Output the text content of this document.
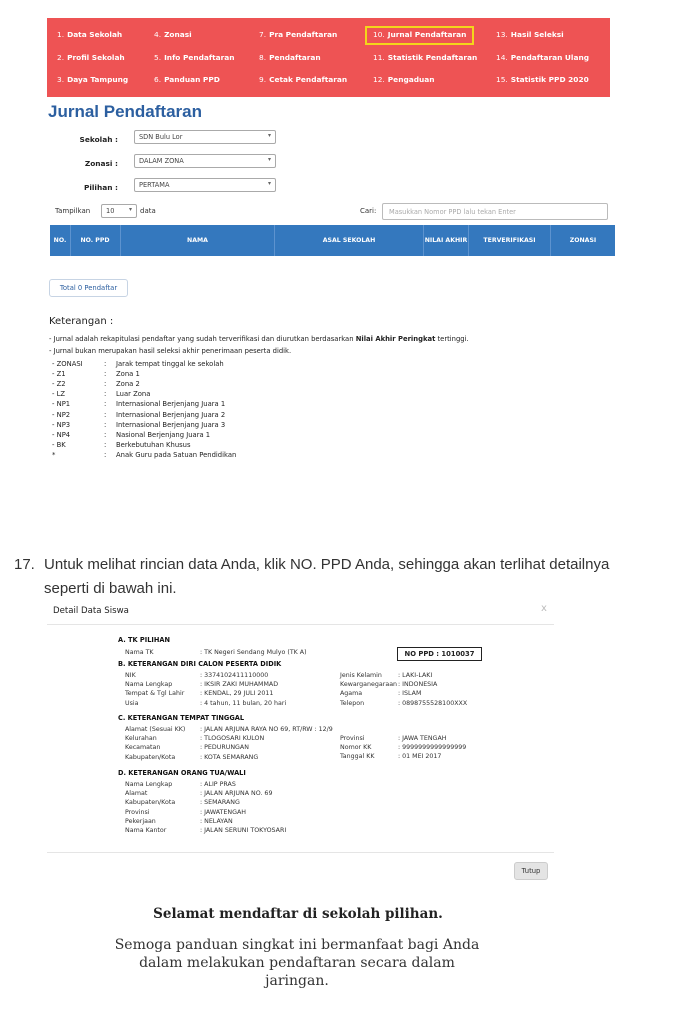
1. Data Sekolah	4. Zonasi	7. Pra Pendaftaran	10. Jurnal Pendaftaran	13. Hasil Seleksi
2. Profil Sekolah	5. Info Pendaftaran	8. Pendaftaran	11. Statistik Pendaftaran	14. Pendaftaran Ulang
3. Daya Tampung	6. Panduan PPD	9. Cetak Pendaftaran	12. Pengaduan	15. Statistik PPD 2020
Jurnal Pendaftaran
Sekolah :	SDN Bulu Lor	▾
Zonasi :	DALAM ZONA	▾
Pilihan :	PERTAMA	▾
Tampilkan	10 ▾ data	Cari:	Masukkan Nomor PPD lalu tekan Enter
NO.	NO. PPD	NAMA	ASAL SEKOLAH	NILAI AKHIR	TERVERIFIKASI	ZONASI
Total 0 Pendaftar
Keterangan :
- Jurnal adalah rekapitulasi pendaftar yang sudah terverifikasi dan diurutkan berdasarkan Nilai Akhir Peringkat tertinggi.
- Jurnal bukan merupakan hasil seleksi akhir penerimaan peserta didik.
- ZONASI	: Jarak tempat tinggal ke sekolah
- Z1	: Zona 1
- Z2	: Zona 2
- LZ	: Luar Zona
- NP1	: Internasional Berjenjang Juara 1
- NP2	: Internasional Berjenjang Juara 2
- NP3	: Internasional Berjenjang Juara 3
- NP4	: Nasional Berjenjang Juara 1
- BK	: Berkebutuhan Khusus
*	: Anak Guru pada Satuan Pendidikan
17. Untuk melihat rincian data Anda, klik NO. PPD Anda, sehingga akan terlihat detailnya seperti di bawah ini.
Detail Data Siswa	x
A. TK PILIHAN
NO PPD : 1010037
B. KETERANGAN DIRI CALON PESERTA DIDIK
C. KETERANGAN TEMPAT TINGGAL
D. KETERANGAN ORANG TUA/WALI
Nama TK	: TK Negeri Sendang Mulyo (TK A)
NIK	: 3374102411110000
Nama Lengkap	: IKSIR ZAKI MUHAMMAD
Tempat & Tgl Lahir : KENDAL, 29 JULI 2011
Usia	: 4 tahun, 11 bulan, 20 hari
Jenis Kelamin	: LAKI-LAKI
Kewarganegaraan : INDONESIA
Agama	: ISLAM
Telepon	: 0898755528100XXX
Alamat (Sesuai KK) : JALAN ARJUNA RAYA NO 69, RT/RW : 12/9
Kelurahan	: TLOGOSARI KULON
Kecamatan	: PEDURUNGAN
Kabupaten/Kota	: KOTA SEMARANG
Provinsi	: JAWA TENGAH
Nomor KK	: 9999999999999999
Tanggal KK	: 01 MEI 2017
Nama Lengkap	: ALIP PRAS
Alamat	: JALAN ARJUNA NO. 69
Kabupaten/Kota	: SEMARANG
Provinsi	: JAWATENGAH
Pekerjaan	: NELAYAN
Nama Kantor	: JALAN SERUNI TOKYOSARI
Tutup
Selamat mendaftar di sekolah pilihan.
Semoga panduan singkat ini bermanfaat bagi Anda dalam melakukan pendaftaran secara dalam jaringan.
